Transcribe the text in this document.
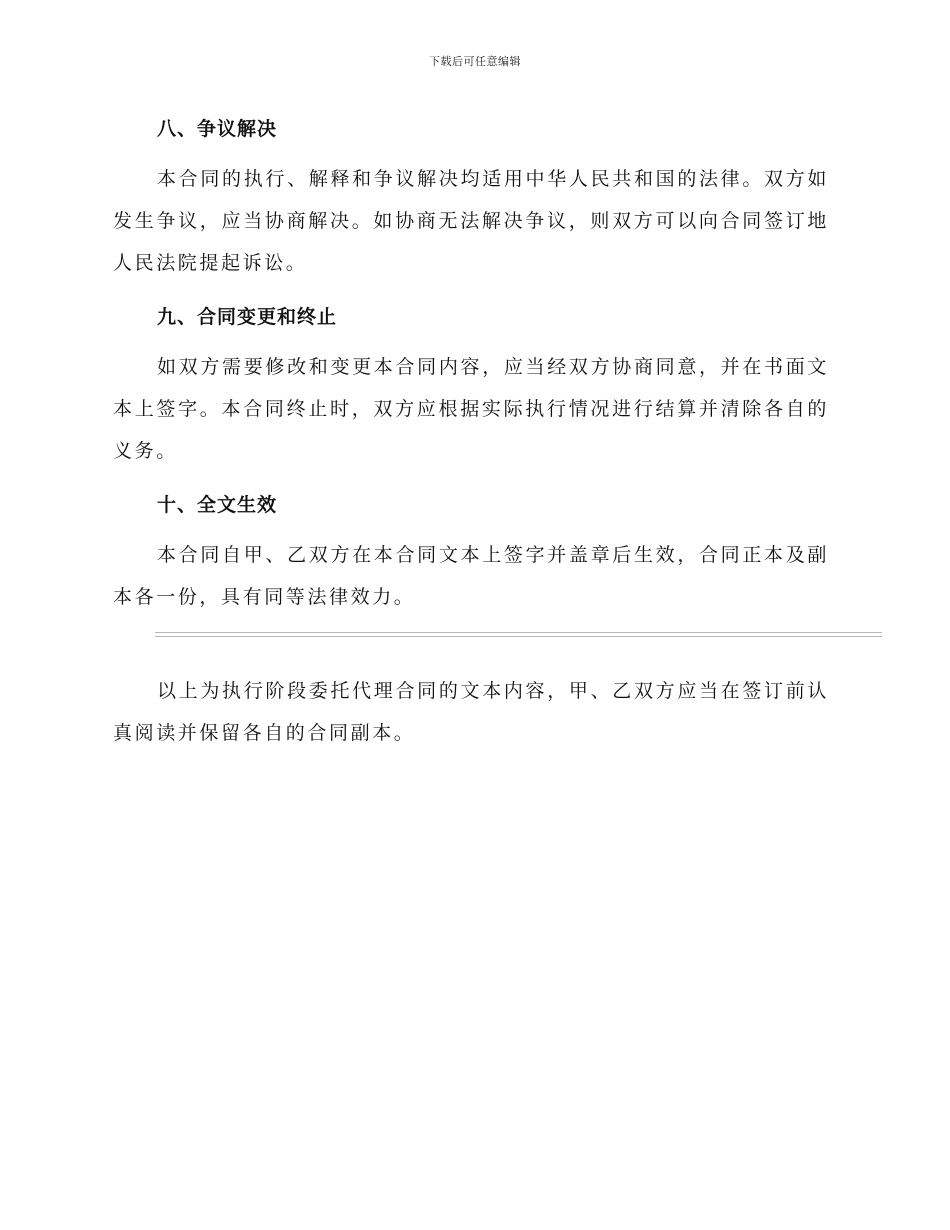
下载后可任意编辑
八、争议解决

本合同的执行、解释和争议解决均适用中华人民共和国的法律。双方如发生争议，应当协商解决。如协商无法解决争议，则双方可以向合同签订地人民法院提起诉讼。

九、合同变更和终止

如双方需要修改和变更本合同内容，应当经双方协商同意，并在书面文本上签字。本合同终止时，双方应根据实际执行情况进行结算并清除各自的义务。

十、全文生效

本合同自甲、乙双方在本合同文本上签字并盖章后生效，合同正本及副本各一份，具有同等法律效力。

以上为执行阶段委托代理合同的文本内容，甲、乙双方应当在签订前认真阅读并保留各自的合同副本。
